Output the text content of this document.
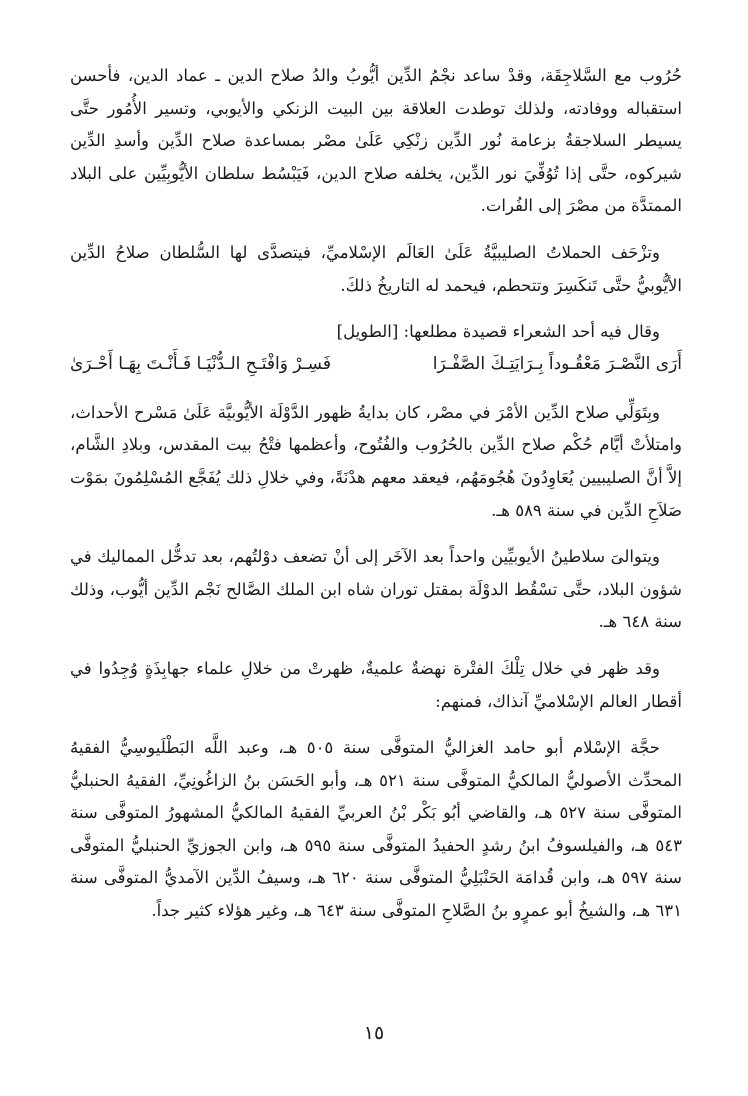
حُرُوب مع السَّلاجِقَة، وقدْ ساعد نجْمُ الدِّين أيُّوبُ والدُ صلاح الدين ـ عماد الدين، فأحسن استقباله ووفادته، ولذلك توطدت العلاقة بين البيت الزنكي والأيوبي، وتسير الأُمُور حتَّى يسيطر السلاجقةُ بزعامة نُور الدِّين زنْكِي عَلَىٰ مصْر بمساعدة صلاح الدِّين وأسدِ الدِّين شيركوه، حتَّى إذا تُوُفِّيَ نور الدِّين، يخلفه صلاح الدين، فَيَبْسُط سلطان الأيُّوبِيِّين على البلاد الممتدَّة من مصْرَ إلى الفُرات.

وتزْحَف الحملاتُ الصليبيَّةُ عَلَىٰ العَالَم الإسْلاميِّ، فيتصدَّى لها السُّلطان صلاحُ الدِّين الأيُّوبيُّ حتَّى تَنكَسِرَ وتتحطم، فيحمد له التاريخُ ذلكَ.

وقال فيه أحد الشعراء قصيدة مطلعها: [الطويل]

أَرَى النَّصْـرَ مَعْقُـوداً بِـرَايَتِـكَ الصَّفْـرَا
فَسِـرْ وَافْتَـحِ الـدُّنْيَـا فَـأَنْـتَ بِهَـا أَحْـرَىٰ

وبِتَوَلِّي صلاح الدِّين الأمْرَ في مصْر، كان بدايةُ ظهور الدَّوْلَة الأيُّوبيَّة عَلَىٰ مَسْرح الأحداث، وامتلأتْ أيَّام حُكْم صلاح الدِّين بالحُرُوب والفُتُوح، وأعظمها فتْحُ بيت المقدس، وبلادِ الشَّام، إلاَّ أنَّ الصليبيين يُعَاوِدُونَ هُجُومَهُم، فيعقد معهم هدْنَةً، وفي خلالِ ذلك يُفَجَّع المُسْلِمُونَ بمَوْت صَلاَحِ الدِّين في سنة ٥٨٩ هـ.

ويتوالىَ سلاطينُ الأيوبيِّين واحداً بعد الآخَر إلى أنْ تضعف دوْلتُهم، بعد تدخُّل المماليك في شؤون البلاد، حتَّى تسْقُط الدوْلَة بمقتل توران شاه ابن الملك الصَّالح نَجْم الدِّين أيُّوب، وذلك سنة ٦٤٨ هـ.

وقد ظهر في خلال تِلْكَ الفتْرة نهضةٌ علميةٌ، ظهرتْ من خلالِ علماء جهابِذَةٍ وُجِدُوا في أقطار العالم الإسْلاميِّ آنذاك، فمنهم:

حجَّة الإسْلام أبو حامد الغزاليُّ المتوفَّى سنة ٥٠٥ هـ، وعبد اللَّه البَطْلَيوسِيُّ الفقيهُ المحدِّث الأصوليُّ المالكيُّ المتوفَّى سنة ٥٢١ هـ، وأبو الحَسَن بنُ الزاغُونِيِّ، الفقيهُ الحنبليُّ المتوفَّى سنة ٥٢٧ هـ، والقاضي أبُو بَكْر بْنُ العربيِّ الفقيهُ المالكيُّ المشهورُ المتوفَّى سنة ٥٤٣ هـ، والفيلسوفُ ابنُ رشدٍ الحفيدُ المتوفَّى سنة ٥٩٥ هـ، وابن الجوزيِّ الحنبليُّ المتوفَّى سنة ٥٩٧ هـ، وابن قُدامَة الحَنْبَلِيُّ المتوفَّى سنة ٦٢٠ هـ، وسيفُ الدِّين الآمديُّ المتوفَّى سنة ٦٣١ هـ، والشيخُ أبو عمرٍو بنُ الصَّلاحِ المتوفَّى سنة ٦٤٣ هـ، وغير هؤلاء كثير جداً.

١٥
